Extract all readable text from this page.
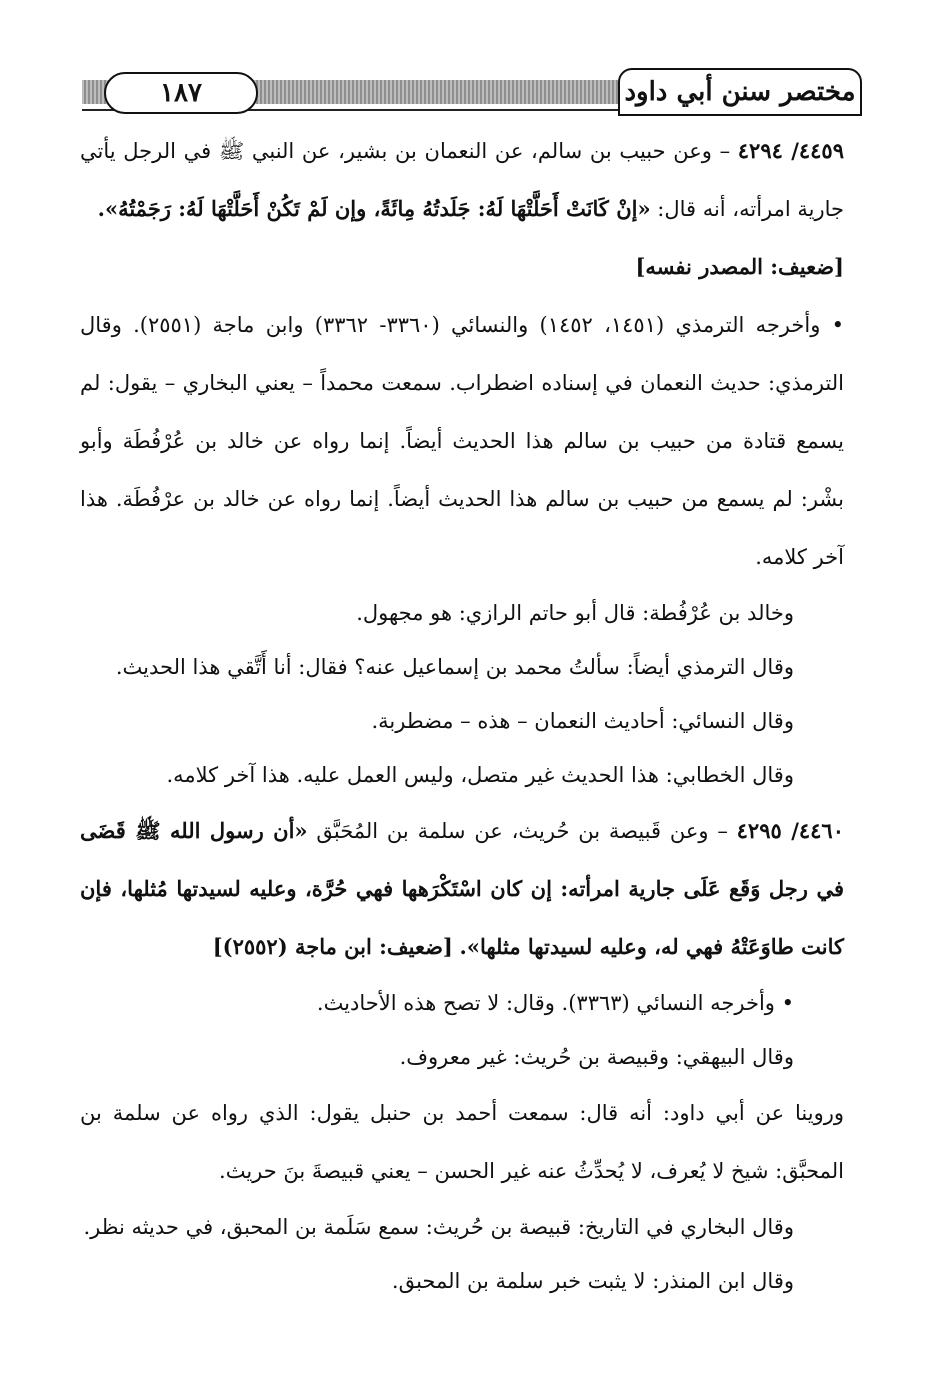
١٨٧	مختصر سنن أبي داود

٤٤٥٩/ ٤٢٩٤ – وعن حبيب بن سالم، عن النعمان بن بشير، عن النبي ﷺ في الرجل يأتي جارية امرأته، أنه قال: «إنْ كَانَتْ أَحَلَّتْهَا لَهُ: جَلَدتُهُ مِائَةً، وإن لَمْ تَكُنْ أَحَلَّتْهَا لَهُ: رَجَمْتُهُ».

[ضعيف: المصدر نفسه]

• وأخرجه الترمذي (١٤٥١، ١٤٥٢) والنسائي (٣٣٦٠- ٣٣٦٢) وابن ماجة (٢٥٥١). وقال الترمذي: حديث النعمان في إسناده اضطراب. سمعت محمداً – يعني البخاري – يقول: لم يسمع قتادة من حبيب بن سالم هذا الحديث أيضاً. إنما رواه عن خالد بن عُرْفُطَة وأبو بشْر: لم يسمع من حبيب بن سالم هذا الحديث أيضاً. إنما رواه عن خالد بن عرْفُطَة. هذا آخر كلامه.

وخالد بن عُرْفُطة: قال أبو حاتم الرازي: هو مجهول.

وقال الترمذي أيضاً: سألتُ محمد بن إسماعيل عنه؟ فقال: أنا أَتَّقي هذا الحديث.

وقال النسائي: أحاديث النعمان – هذه – مضطربة.

وقال الخطابي: هذا الحديث غير متصل، وليس العمل عليه. هذا آخر كلامه.

٤٤٦٠/ ٤٢٩٥ – وعن قَبيصة بن حُريث، عن سلمة بن المُحَبَّق «أن رسول الله ﷺ قَضَى في رجل وَقَع عَلَى جارية امرأته: إن كان اسْتَكْرَهها فهي حُرَّة، وعليه لسيدتها مُثلها، فإن كانت طاوَعَتْهُ فهي له، وعليه لسيدتها مثلها». [ضعيف: ابن ماجة (٢٥٥٢)]

• وأخرجه النسائي (٣٣٦٣). وقال: لا تصح هذه الأحاديث.

وقال البيهقي: وقبيصة بن حُريث: غير معروف.

وروينا عن أبي داود: أنه قال: سمعت أحمد بن حنبل يقول: الذي رواه عن سلمة بن المحبَّق: شيخ لا يُعرف، لا يُحدِّثُ عنه غير الحسن – يعني قبيصةَ بنَ حريث.

وقال البخاري في التاريخ: قبيصة بن حُريث: سمع سَلَمة بن المحبق، في حديثه نظر.

وقال ابن المنذر: لا يثبت خبر سلمة بن المحبق.
